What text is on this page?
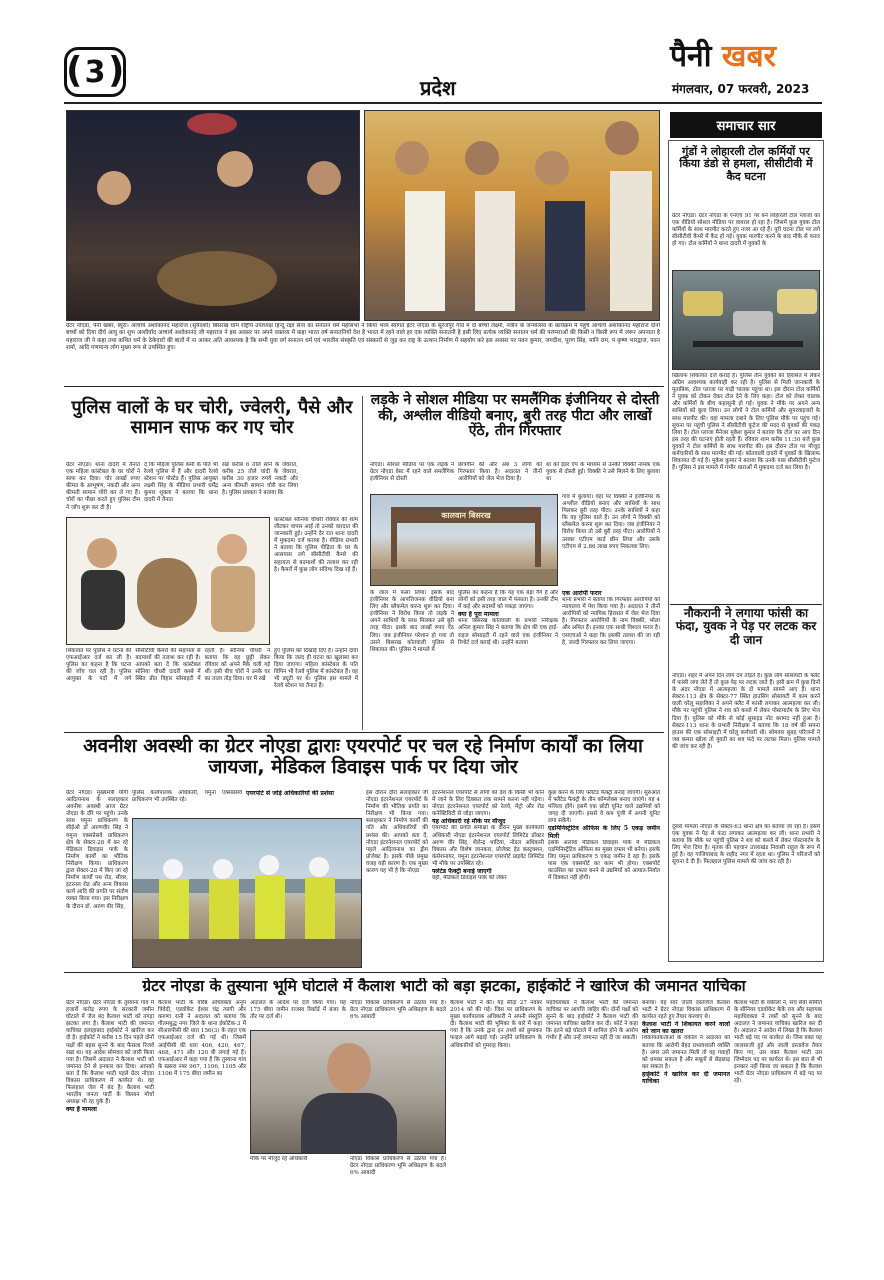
3
( )	प्रदेश
पैनी खबर
मंगलवार, 07 फरवरी, 2023
ग्रेटर नोएडा, पैनी खबर, ब्यूरो। आचार्य अशोकानंद महाराज (सुर्यवंशी) बिसरख धाम राष्ट्रीय उपाध्यक्ष हिन्दू रक्षा सेना का सनातन धर्म महासभा ने किया भव्य स्वागत ईटर नोएडा के सूरजपुर गाँव में दो बच्चों लक्ष्मी, नवीन के जन्मोत्सव के कार्यक्रम में पहुँचे आचार्य अशोकानंद महाराज दोनों बच्चों को दिया दीर्घ आयु का शुभ आशीर्वाद आचार्य अशोकानंद जी महाराज ने इस अवसर पर अपने वक्तव्य में कहा भारत वर्ष सनातनियों देश है भारत में रहने वाले हर एक व्यक्ति सनातनी है इसी लिए प्रत्येक व्यक्ति सनातन धर्म की परम्पराओं की किसी न किसी रूप में जरूर अपनाता है महाराज जी ने कहा तथा कथित धर्म के ठेकेदारों की बातों में ना आकर अति आवश्यक है कि सभी युवा वर्ग सनातन धर्म एवं भारतीय संस्कृति एवं संस्कारों से जुड़ कर राष्ट्र के उत्थान निर्माण में सहयोग करे इस अवसर पर पवन कुमार, जगदीश, पूरण सिंह, मानि राम, पं कृष्ण भारद्वाज, पवन शर्मा, आदि गणमान्य लोग मुख्य रूप से उपस्थित हुए।
समाचार सार
गुंडों ने लोहारली टोल कर्मियों पर किया डंडो से हमला, सीसीटीवी में कैद घटना
ग्रेटर नोएडा। ग्रेटर नोएडा के एनएच 91 पर बने लोहारली टोल प्लाजा का एक वीडियो सोशल मीडिया पर वायरल हो रहा है। जिसमें कुछ युवक टोल कर्मियों के साथ मारपीट करते हुए नजर आ रहे हैं। पूरी घटना टोल पर लगे सीसीटीवी कैमरे में कैद हो गई। युवक मारपीट करने के बाद मौके से फरार हो गए। टोल कर्मियों ने थाना दादरी में युवकों के
खिलाफ शिकायत दर्ज कराई है। पुलिस तीन युवकों को हिरासत में लेकर अग्रिम आवश्यक कार्यवाही कर रही है। पुलिस से मिली जानकारी के मुताबिक, टोल प्लाजा पर गाड़ी चालक पहुंचा था। इस दौरान टोल कर्मियों ने युवक को टोकन देकर टोल देने के लिए कहा। टोल को लेकर चालक और कर्मियों के बीच कहासुनी हो गई। युवक ने मौके पर अपने अन्य साथियों को बुला लिया। उन लोगों ने टोल कर्मियों और सुपरवाइजरों के साथ मारपीट की। वहां मामला दबाने के लिए पुलिस मौके पर पहुंच गई। सूचना पर पहुंची पुलिस ने सीसीटीवी फुटेज की मदद से युवकों की पकड़ लिया है। टोल प्लाजा मैनेजर मुकेश कुमार ने बताया कि टोल पर आए दिन इस तरह की घटनाएं होती रहती हैं। रविवार शाम करीब 11:30 बजे कुछ युवकों ने टोल कर्मियों के साथ मारपीट की। इस दौरान टोल पर मौजूद कर्मचारियों के साथ मारपीट की गई। कोतवाली दादरी में युवकों के खिलाफ शिकायत दी गई है। मुकेश कुमार ने बताया कि उनके पास सीसीटीवी फुटेज हैं। पुलिस ने इस मामले में गंभीर धाराओं में मुकदमा दर्ज कर लिया है।
नौकरानी ने लगाया फांसी का फंदा, युवक ने पेड़ पर लटक कर दी जान
नोएडा। शहर में अपने दिन लोग दम तोड़ते हैं। कुछ लोग सोसायटी के फ्लैट में फांसी लगा लेते हैं तो कुछ पेड़ पर लटक जाते हैं। इसी क्रम में कुछ दिनों के अंदर नोएडा में आत्महत्या के दो मामले सामने आए हैं। थाना सेक्टर-113 क्षेत्र के सेक्टर-77 स्थित हाउसिंग सोसायटी में काम करने वाली घरेलू सहायिका ने अपने फ्लैट में फांसी लगाकर आत्महत्या कर ली। मौके पर पहुंची पुलिस ने शव को कब्जे में लेकर पोस्टमार्टम के लिए भेज दिया है। पुलिस को मौके से कोई सुसाइड नोट बरामद नहीं हुआ है। सेक्टर-113 थाना के प्रभारी निरीक्षक ने बताया कि 18 वर्ष की सपना हाउस की एक सोसाइटी में घरेलू कर्मचारी थी। सोमवार सुबह परिजनों ने जब कमरा खोला तो युवती का शव फंदे पर लटका मिला। पुलिस मामले की जांच कर रही है।
दूसरा मामला नोएडा के सेक्टर-63 थाना क्षेत्र का बताया जा रहा है। इसमें एक युवक ने पेड़ से फंदा लगाकर आत्महत्या कर ली। थाना प्रभारी ने बताया कि मौके पर पहुंची पुलिस ने शव को कब्जे में लेकर पोस्टमार्टम के लिए भेज दिया है। मृतक की पहचान उत्तराखंड निवासी राहुल के रूप में हुई है। वह गाजियाबाद के शहीद नगर में रहता था। पुलिस ने परिजनों को सूचना दे दी है। फिलहाल पुलिस मामले की जांच कर रही है।
पुलिस वालों के घर चोरी, ज्वेलरी, पैसे और सामान साफ कर गए चोर
ग्रेटर नोएडा। थाना दादरी में तैनात एक महिला कांस्टेबल के घर चोरों ने साफ कर दिया। चोर लाखों रुपए कीमत के आभूषण, नकदी और अन्य कीमती सामान चोरी कर ले गए हैं। चोरों का पीछा करते हुए पुलिस टीम ने जाँच शुरू कर दी है।
दें कि महिला पुलिस कर्मी के पति भी रेलवे पुलिस में हैं और दादरी रेलवे स्टेशन पर पोस्टेड हैं। पुलिस आयुक्त लक्ष्मी सिंह के मीडिया प्रभारी धर्मेंद्र कुमार शुक्ला ने बताया कि थाना दादरी में तैनात
रखे करीब 6 तोले सोने के जेवरात, करीब 25 तोले चांदी के जेवरात, करीब 30 हजार रुपये नकदी और अन्य कीमती सामान चोरी कर लिया है। पुलिस प्रवक्ता ने बताया कि
कांस्टेबल सोनिया चौधरी रविवार की शाम लौटकर वापस आईं तो उनको वारदात की जानकारी हुई। उन्होंने देर रात थाना दादरी में मुकदमा दर्ज कराया है। मीडिया प्रभारी ने बताया कि पुलिस पीड़िता के घर के आसपास लगे सीसीटीवी कैमरे की सहायता से बदमाशों की तलाश कर रही है। कैमरों में कुछ लोग संदिग्ध दिख रहे हैं।
शिकायत पर पुलिस ने घटना की एफआईआर दर्ज कर ली है। पुलिस का कहना है कि घटना की जाँच चल रही है। पुलिस आयुक्त के पदों में लगे सीसीटीवी कैमरों की सहायता से बदमाशों की तलाश कर रही है। आपको बता दें कि कांस्टेबल सोनिया चौधरी दादरी कस्बे में स्थित प्रीत विहार सोसाइटी में रहती हैं। सोनिया चौधरी ने बताया कि वह छुट्टी लेकर रविवार को अपने मैके चली गई थीं। इसी बीच चोरों ने उनके घर का ताला तोड़ दिया। घर में रखे
हुए पुलिस को दिखाई दिए हैं। उन्होंने दावा किया कि जल्द ही घटना का खुलासा कर दिया जाएगा। महिला कांस्टेबल के पति विपिन भी रेलवे पुलिस में कांस्टेबल हैं। वह भी ड्यूटी पर थे। पुलिस इस मामले में रेलवे स्टेशन पर तैनात हैं।
लड़के ने सोशल मीडिया पर समलैंगिक इंजीनियर से दोस्ती की, अश्लील वीडियो बनाए, बुरी तरह पीटा और लाखों ऐंठे, तीन गिरफ्तार
नोएडा। सोशल मीडिया पर एक लड़के ने ग्रेटर नोएडा वेस्ट में रहने वाले समलैंगिक इंजीनियर से दोस्ती
छात्रवीन की और अब 3 लोगों को गिरफ्तार किया है। अदालत ने तीनों आरोपियों को जेल भेज दिया है।
था को ईंडर ऐप के माध्यम से उनकी विक्की नामक एक युवक से दोस्ती हुई। विक्की ने उसे मिलने के लिए बुलाया था
कालवान बिसरख
गांव में बुलाया। वहां पर विक्की ने इंजीनियर के अश्लील वीडियो बनाए और साथियों के साथ मिलकर बुरी तरह पीटा। उनके साथियों ने कहा कि वह पुलिस वाले हैं। उन लोगों ने विक्की को ब्लैकमेल करना शुरू कर दिया। जब इंजीनियर ने विरोध किया तो उसे बुरी तरह पीटा। आरोपियों ने उसका एटीएम कार्ड छीन लिया और उसके एटीएम से 2.86 लाख रुपए निकलवा लिए।
के जाल में फंसा लिया। इसके बाद इंजीनियर के आपत्तिजनक वीडियो बना लिए और ब्लैकमेल करना शुरू कर दिया। इंजीनियर ने विरोध किया तो लड़के ने अपने साथियों के साथ मिलकर उसे बुरी तरह पीटा। इसके बाद लाखों रुपए ऐंठ लिए। जब इंजीनियर परेशान हो गया तो उसने बिसरख कोतवाली पुलिस से शिकायत की। पुलिस ने मामले में
पुलिस का कहना है कि यह एक बड़ा गैंग है और लोगों को इसी तरह जाल में फंसाता है। उनकी टीम में कई और सदस्यों को पकड़ा जाएगा।
क्या है पूरा मामला
थाना बिसरख कोतवाली के प्रभारी निरीक्षक अनिल कुमार सिंह ने बताया कि क्षेत्र की एक हाई-राइज सोसाइटी में रहने वाले एक इंजीनियर ने रिपोर्ट दर्ज कराई थी। उन्होंने बताया
एक आरोपी फरार
थाना प्रभारी ने बताया कि गिरफ्तार आरोपियों को न्यायालय में पेश किया गया है। अदालत ने तीनों आरोपियों को न्यायिक हिरासत में जेल भेज दिया है। गिरफ्तार आरोपियों के नाम विक्की, भोला और अमित हैं। इनका एक साथी विशाल फरार है। एसएचओ ने कहा कि इसकी तलाश की जा रही है, जल्दी गिरफ्तार कर लिया जाएगा।
अवनीश अवस्थी का ग्रेटर नोएडा द्वाराः एयरपोर्ट पर चल रहे निर्माण कार्यों का लिया जायजा, मेडिकल डिवाइस पार्क पर दिया जोर
ग्रेटर नोएडा। मुख्यमंत्री योगी आदित्यनाथ के सलाहकार अवनीश अवस्थी आज ग्रेटर नोएडा के दौरे पर पहुंचे। उनके साथ यमुना प्राधिकरण के सीईओ डॉ अरुणवीर सिंह ने यमुना एक्सप्रेसवे प्राधिकरण क्षेत्र के सेक्टर-28 में बन रहे मेडिकल डिवाइस पार्क के निर्माण कार्यों का भौतिक निरीक्षण किया। प्राधिकरण द्वारा सेक्टर-28 में किए जा रहे निर्माण कार्यों पथ रोड, सीवर, इंटरनल रोड और अन्य विकास कार्य आदि की प्रगति पर संतोष व्यक्त किया गया। इस निरीक्षण के दौरान डॉ. अरुण वीर सिंह,
पुलिस कार्यपालक अधिकारी, यमुना एक्सप्रेसवे प्राधिकरण भी उपस्थित रहे।
एयरपोर्ट से जोड़े अधिकारियों की प्रशंसा	इस दौरान दौरा सलाहकार जी नोएडा इंटरनेशनल एयरपोर्ट के निर्माण की भौतिक प्रगति का निरीक्षण भी किया गया। सलाहकार ने निर्माण कार्यों की गति और अधिकारियों की प्रशंसा की। आपको बता दें, नोएडा इंटरनेशनल एयरपोर्ट को पहले आदित्यनाथ का ड्रीम प्रोजेक्ट है। इसके पीछे प्रमुख वजह यही कारण है। एक मुख्य कारण यह भी है कि नोएडा
इंटरनेशनल एयरपोर्ट से लोगों को देश के किसी भी कोने में जाने के लिए दिक्कत तक सामने करना नहीं पड़ेगा। नोएडा इंटरनेशनल एयरपोर्ट को रेलवे, मेट्रो और रोड कनेक्टिविटी से जोड़ा जाएगा।
यह अधिकारी रहे मौके पर मौजूद
एयरपोर्ट की प्रगति समीक्षा के दौरान मुख्य कार्यकारी अधिकारी नोएडा इंटरनेशनल एयरपोर्ट लिमिटेड डॉक्टर अरुण वीर सिंह, शैलेन्द्र भाटिया, नोडल अधिकारी विकास और विशेष जानकार, प्रोजेक्ट हेड कंस्ट्रक्शन, कंसेशनायर, यमुना इंटरनेशनल एयरपोर्ट प्राइवेट लिमिटेड भी मौके पर उपस्थित रहे।
फ्लेटेड फैक्ट्री बनाई जाएगी
वहीं, मेडिकल डिवाइस पार्क को लेकर
कुछ करने के लिए फ्लैटेड फैक्ट्री बनाई जाएगी। सुरुआत में फ्लैटेड फैक्ट्री के तीन कॉम्प्लेक्स बनाए जाएंगे। यह 4 मंजिला होंगे। इसमें एक छोटी यूनिट वाले उद्यमियों को जगह दी जाएगी। इससे वे कम पूंजी में अपनी यूनिट लगा सकेंगे।
एडमिनिस्ट्रेटिव ऑफिस के लिए 5 एकड़ जमीन मिली
इसके अलावा मेडिकल डिवाइस पार्क में मेडिकल एडमिनिस्ट्रेटिव ऑफिस का मुख्य दफ्तर भी बनेगा। इसके लिए यमुना प्राधिकरण 5 एकड़ जमीन दे रहा है। इसके पास एक एक्सपोर्ट का काम भी होगा। एक्सपोर्ट काउंसिल का दफ्तर बनने से उद्यमियों को आयात-निर्यात में दिक्कत नहीं होगी।
ग्रेटर नोएडा के तुस्याना भूमि घोटाले में कैलाश भाटी को बड़ा झटका, हाईकोर्ट ने खारिज की जमानत याचिका
ग्रेटर नोएडा। ग्रेटर नोएडा के तुस्याना गांव में हजारों करोड़ रुपए के सरकारी जमीन घोटाले में जेल बंद कैलाश भाटी को तगड़ा झटका लगा है। कैलाश भाटी की जमानत याचिका इलाहाबाद हाईकोर्ट ने खारिज कर दी है। हाईकोर्ट ने करीब 15 दिन पहले दोनों पक्षों की बहस सुनने के बाद फैसला रिजर्व रखा था। यह आदेश सोमवार को जारी किया गया है। जिसमें अदालत ने कैलाश भाटी को जमानत देने से इनकार कर दिया। आपको बता दें कि कैलाश भाटी पहले ग्रेटर नोएडा विकास प्राधिकरण में कार्यरत थे। वह फिलहाल जेल में बंद है। कैलाश भाटी भारतीय जनता पार्टी के किसान मोर्चा अध्यक्ष भी रह चुके हैं।
क्या है मामला
कैलाश भाटी के वरिष्ठ अधिवक्ता अनूप त्रिवेदी, एडवोकेट ईश्वर चंद्र त्यागी और करुणा रानी ने अदालत को बताया कि गौतमबुद्ध नगर जिले के थाना ईकोटेक-3 में सीआरपीसी की धारा 156(3) के तहत एक एफआईआर दर्ज की गई थी। जिसमें आईपीसी की धारा 406, 420, 467, 468, 471 और 120 बी लगाई गई हैं। एफआईआर में कहा गया है कि तुस्याना गांव के खसरा नंबर 967, 1106, 1105 और 1106 में 175 बीघा जमीन का
अदालत के आदेश पर दर्ज किया गया। यह 175 बीघा जमीन राजस्व रिकॉर्ड में बंजर के तौर पर दर्ज थी।
नोएडा विकास प्राधिकरण से उठाया गया है। ग्रेटर नोएडा प्राधिकरण भूमि अधिग्रहण के बदले 6% आबादी
मौके पर मौजूद रहे अधिकारी	नोएडा विकास प्राधिकरण से उठाया गया है। ग्रेटर नोएडा प्राधिकरण भूमि अधिग्रहण के बदले 6% आबादी
कैलाश भाटी ने की। यह सौदा 27 नवंबर 2014 को की गई। जिस पर प्राधिकरण के मुख्य कार्यपालक अधिकारी ने अपनी संस्तुति दी। कैलाश भाटी की भूमिका के बारे में कहा गया है कि उनके द्वारा इन तथ्यों को छुपाकर फाइल आगे बढ़ाई गई। उन्होंने प्राधिकरण के अधिकारियों को गुमराह किया।
महाधिवक्ता ने कैलाश भाटी की जमानत याचिका पर आपत्ति जाहिर की। दोनों पक्षों को सुनने के बाद हाईकोर्ट ने कैलाश भाटी की जमानत याचिका खारिज कर दी। कोर्ट ने कहा कि इतने बड़े घोटाले में शामिल होने के आरोप गंभीर हैं और उन्हें जमानत नहीं दी जा सकती।
बनाया। यह सारे जाली दस्तावेज कैलाश भाटी ने ग्रेटर नोएडा विकास प्राधिकरण में कार्यरत रहते हुए तैयार करवाए थे।
कैलाश भाटी ने शिकायत करने वालों को जान का खतरा
शिकायतकर्ताओं के वकील ने अदालत को बताया कि आरोपी बेहद प्रभावशाली व्यक्ति है। अगर उसे जमानत मिली तो वह गवाहों को धमका सकता है और सबूतों से छेड़छाड़ कर सकता है।
हाईकोर्ट ने खारिज कर दी जमानत याचिका
कैलाश भाटी के वकीलों ने, सच सेवा समिति के सीनियर एडवोकेट केके राय और सहायक महाधिवक्ता ने तर्कों को सुनने के बाद अदालत ने जमानत याचिका खारिज कर दी है। अदालत ने आदेश में लिखा है कि कैलाश भाटी बड़े पद पर कार्यरत थे। जिस वक्त यह जालसाजी हुई और जाली दस्तावेज तैयार किए गए, उस वक्त कैलाश भाटी उस जिम्मेदार पद पर कार्यरत थे। इस बात से भी इनकार नहीं किया जा सकता है कि कैलाश भाटी ग्रेटर नोएडा प्राधिकरण में बड़े पद पर रहे।
